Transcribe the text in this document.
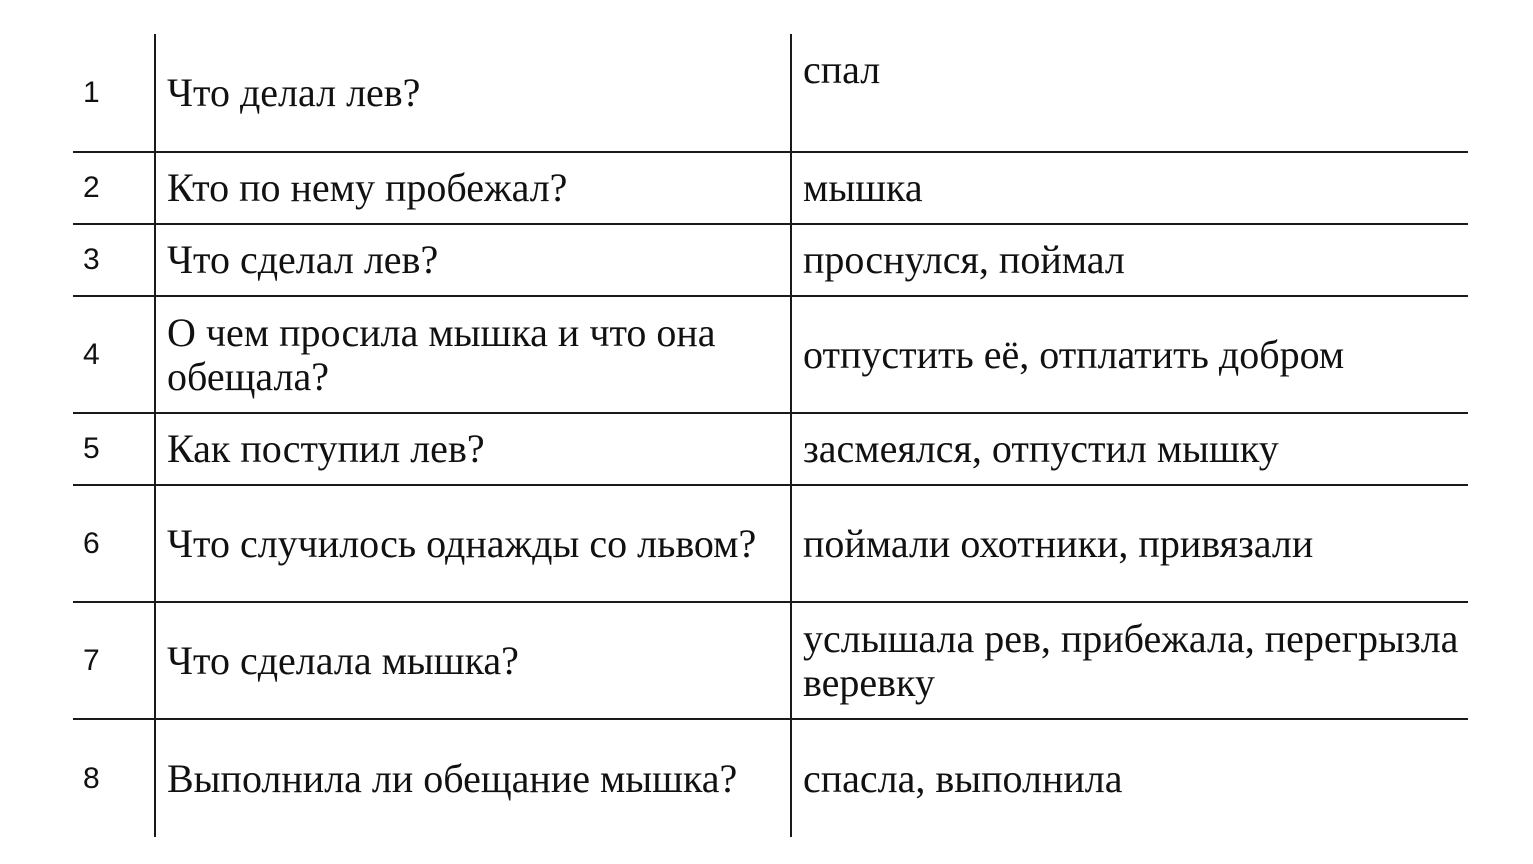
1	Что делал лев?	спал
2	Кто по нему пробежал?	мышка
3	Что сделал лев?	проснулся, поймал
4	О чем просила мышка и что она обещала?	отпустить её, отплатить добром
5	Как поступил лев?	засмеялся, отпустил мышку
6	Что случилось однажды со львом?	поймали охотники, привязали
7	Что сделала мышка?	услышала рев, прибежала, перегрызла веревку
8	Выполнила ли обещание мышка?	спасла, выполнила
